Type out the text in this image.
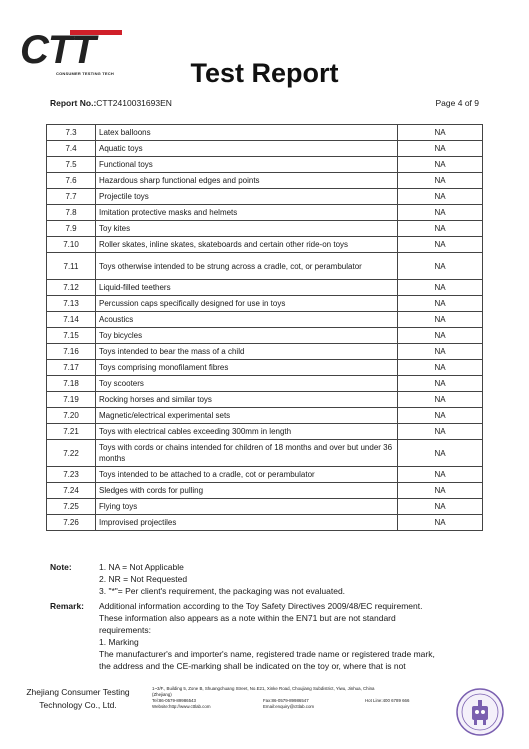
CTT
CONSUMER TESTING TECH	Test Report
Report No.:CTT2410031693EN	Page 4 of 9
7.3	Latex balloons	NA
7.4	Aquatic toys	NA
7.5	Functional toys	NA
7.6	Hazardous sharp functional edges and points	NA
7.7	Projectile toys	NA
7.8	Imitation protective masks and helmets	NA
7.9	Toy kites	NA
7.10	Roller skates, inline skates, skateboards and certain other ride-on toys	NA
7.11	Toys otherwise intended to be strung across a cradle, cot, or perambulator	NA
7.12	Liquid-filled teethers	NA
7.13	Percussion caps specifically designed for use in toys	NA
7.14	Acoustics	NA
7.15	Toy bicycles	NA
7.16	Toys intended to bear the mass of a child	NA
7.17	Toys comprising monofilament fibres	NA
7.18	Toy scooters	NA
7.19	Rocking horses and similar toys	NA
7.20	Magnetic/electrical experimental sets	NA
7.21	Toys with electrical cables exceeding 300mm in length	NA
7.22	Toys with cords or chains intended for children of 18 months and over but under 36 months	NA
7.23	Toys intended to be attached to a cradle, cot or perambulator	NA
7.24	Sledges with cords for pulling	NA
7.25	Flying toys	NA
7.26	Improvised projectiles	NA
Note:	1. NA = Not Applicable
2. NR = Not Requested
3. "*"= Per client's requirement, the packaging was not evaluated.
Remark: Additional information according to the Toy Safety Directives 2009/48/EC requirement.
These information also appears as a note within the EN71 but are not standard
requirements:
1. Marking
The manufacturer's and importer's name, registered trade name or registered trade mark,
the address and the CE-marking shall be indicated on the toy or, where that is not
Zhejiang Consumer Testing
Technology Co., Ltd.
1~3/F., Building 5, Zone B, Shuangchuang Street, No.E21, Xinke Road, Choujiang Subdistrict, Yiwu, Jinhua, China
(Zhejiang)
Tel:86-0579-89986543	Fax:86-0579-89986547	Hot Line:400 6789 666
Website:http://www.cttlab.com	Email:enquiry@cttlab.com
